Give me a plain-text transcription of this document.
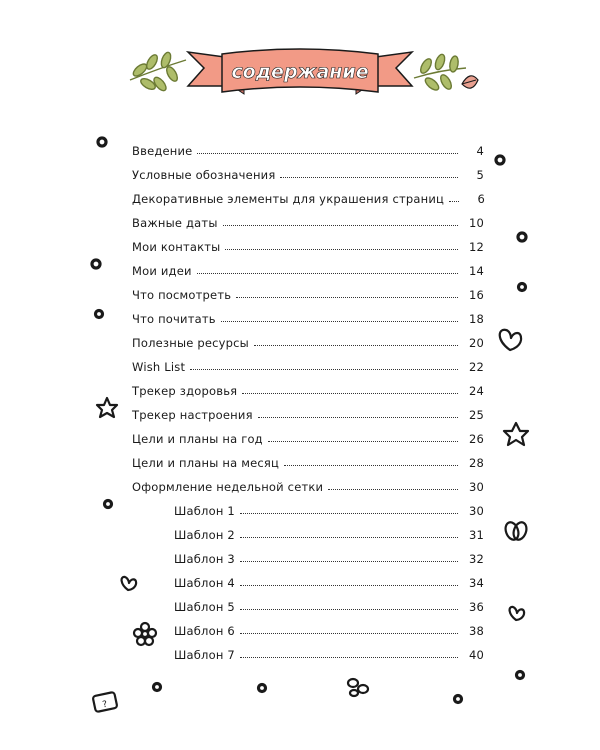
содержание
Введение	4
Условные обозначения	5
Декоративные элементы для украшения страниц	6
Важные даты	10
Мои контакты	12
Мои идеи	14
Что посмотреть	16
Что почитать	18
Полезные ресурсы	20
Wish List	22
Трекер здоровья	24
Трекер настроения	25
Цели и планы на год	26
Цели и планы на месяц	28
Оформление недельной сетки	30
Шаблон 1	30
Шаблон 2	31
Шаблон 3	32
Шаблон 4	34
Шаблон 5	36
Шаблон 6	38
Шаблон 7	40
?
